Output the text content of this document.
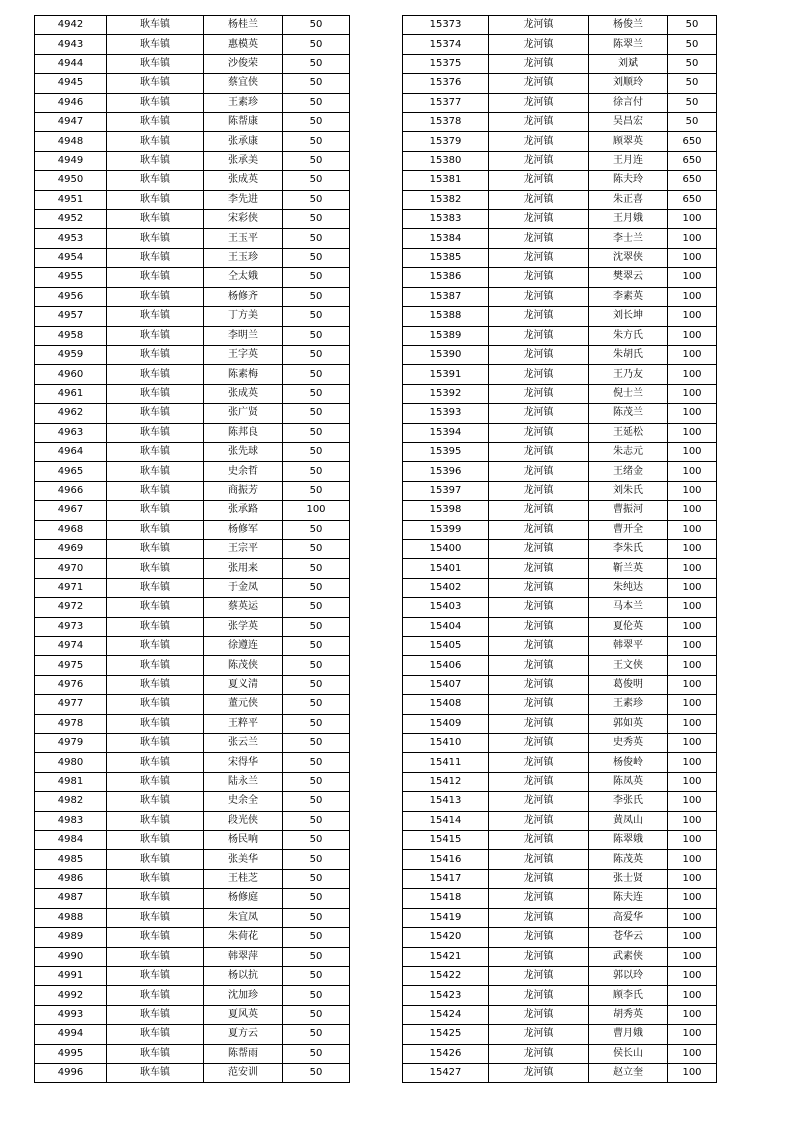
4942	耿车镇	杨桂兰	50
4943	耿车镇	惠模英	50
4944	耿车镇	沙俊荣	50
4945	耿车镇	蔡宜侠	50
4946	耿车镇	王素珍	50
4947	耿车镇	陈帮康	50
4948	耿车镇	张承康	50
4949	耿车镇	张承美	50
4950	耿车镇	张成英	50
4951	耿车镇	李先进	50
4952	耿车镇	宋彩侠	50
4953	耿车镇	王玉平	50
4954	耿车镇	王玉珍	50
4955	耿车镇	仝太娥	50
4956	耿车镇	杨修齐	50
4957	耿车镇	丁方美	50
4958	耿车镇	李明兰	50
4959	耿车镇	王字英	50
4960	耿车镇	陈素梅	50
4961	耿车镇	张成英	50
4962	耿车镇	张广贤	50
4963	耿车镇	陈邦良	50
4964	耿车镇	张先球	50
4965	耿车镇	史余哲	50
4966	耿车镇	商振芳	50
4967	耿车镇	张承路	100
4968	耿车镇	杨修军	50
4969	耿车镇	王宗平	50
4970	耿车镇	张用来	50
4971	耿车镇	于金凤	50
4972	耿车镇	蔡英运	50
4973	耿车镇	张学英	50
4974	耿车镇	徐遵连	50
4975	耿车镇	陈茂侠	50
4976	耿车镇	夏义清	50
4977	耿车镇	董元侠	50
4978	耿车镇	王粹平	50
4979	耿车镇	张云兰	50
4980	耿车镇	宋得华	50
4981	耿车镇	陆永兰	50
4982	耿车镇	史余全	50
4983	耿车镇	段光侠	50
4984	耿车镇	杨民响	50
4985	耿车镇	张美华	50
4986	耿车镇	王桂芝	50
4987	耿车镇	杨修庭	50
4988	耿车镇	朱宜凤	50
4989	耿车镇	朱荷花	50
4990	耿车镇	韩翠萍	50
4991	耿车镇	杨以抗	50
4992	耿车镇	沈加珍	50
4993	耿车镇	夏风英	50
4994	耿车镇	夏方云	50
4995	耿车镇	陈帮雨	50
4996	耿车镇	范安训	50
15373	龙河镇	杨俊兰	50
15374	龙河镇	陈翠兰	50
15375	龙河镇	刘斌	50
15376	龙河镇	刘顺玲	50
15377	龙河镇	徐言付	50
15378	龙河镇	吴昌宏	50
15379	龙河镇	顾翠英	650
15380	龙河镇	王月连	650
15381	龙河镇	陈夫玲	650
15382	龙河镇	朱正喜	650
15383	龙河镇	王月娥	100
15384	龙河镇	李士兰	100
15385	龙河镇	沈翠侠	100
15386	龙河镇	樊翠云	100
15387	龙河镇	李素英	100
15388	龙河镇	刘长坤	100
15389	龙河镇	朱方氏	100
15390	龙河镇	朱胡氏	100
15391	龙河镇	王乃友	100
15392	龙河镇	倪士兰	100
15393	龙河镇	陈茂兰	100
15394	龙河镇	王延松	100
15395	龙河镇	朱志元	100
15396	龙河镇	王绪金	100
15397	龙河镇	刘朱氏	100
15398	龙河镇	曹振河	100
15399	龙河镇	曹开全	100
15400	龙河镇	李朱氏	100
15401	龙河镇	靳兰英	100
15402	龙河镇	朱纯达	100
15403	龙河镇	马本兰	100
15404	龙河镇	夏伦英	100
15405	龙河镇	韩翠平	100
15406	龙河镇	王文侠	100
15407	龙河镇	葛俊明	100
15408	龙河镇	王素珍	100
15409	龙河镇	郭如英	100
15410	龙河镇	史秀英	100
15411	龙河镇	杨俊岭	100
15412	龙河镇	陈凤英	100
15413	龙河镇	李张氏	100
15414	龙河镇	黄凤山	100
15415	龙河镇	陈翠娥	100
15416	龙河镇	陈茂英	100
15417	龙河镇	张士贤	100
15418	龙河镇	陈夫连	100
15419	龙河镇	高爱华	100
15420	龙河镇	苍华云	100
15421	龙河镇	武素侠	100
15422	龙河镇	郭以玲	100
15423	龙河镇	顾李氏	100
15424	龙河镇	胡秀英	100
15425	龙河镇	曹月娥	100
15426	龙河镇	侯长山	100
15427	龙河镇	赵立奎	100
